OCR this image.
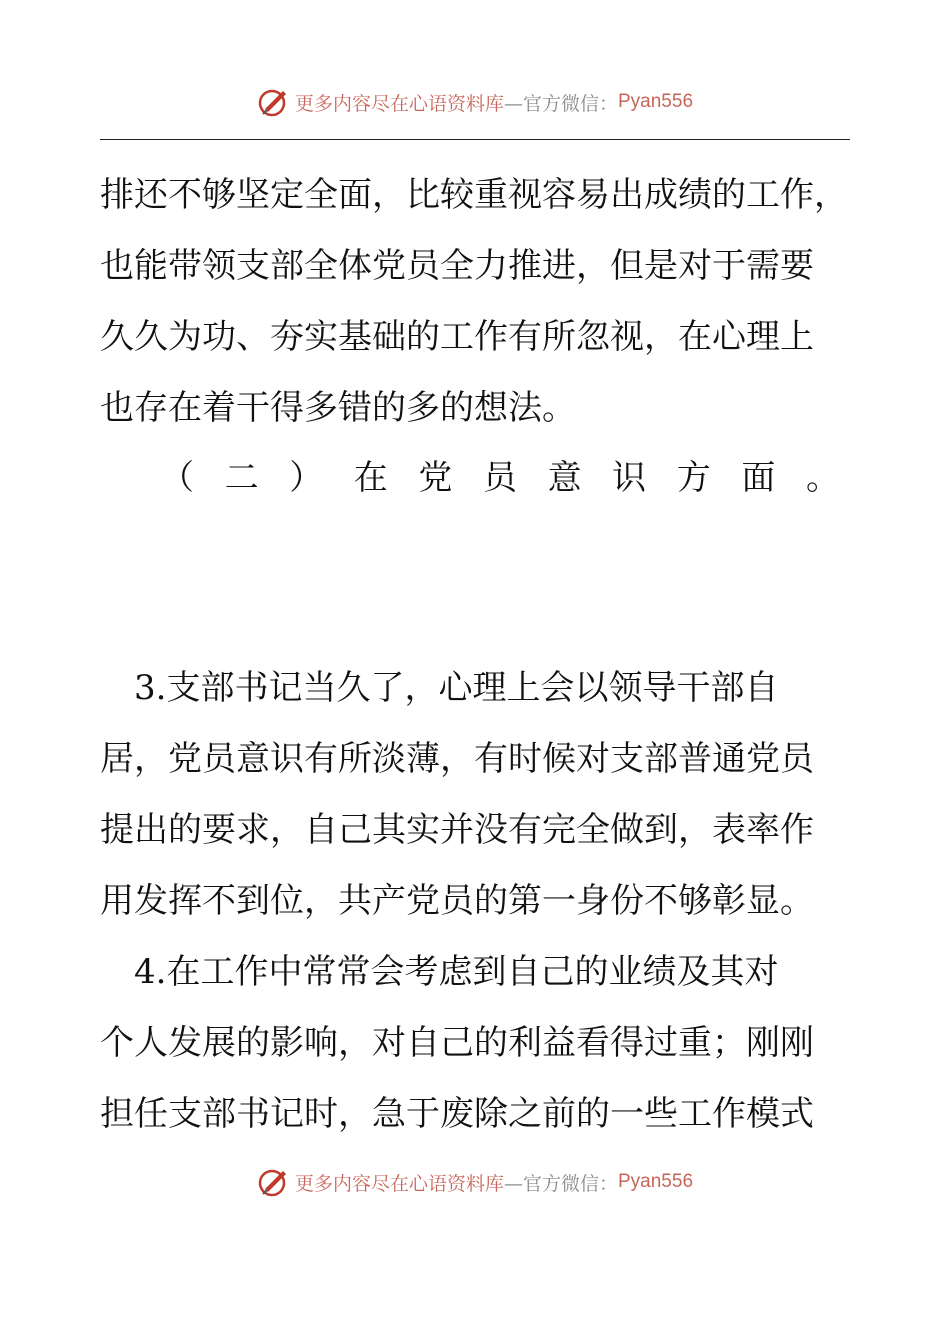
更多内容尽在心语资料库 —官方微信： Pyan556
排还不够坚定全面，比较重视容易出成绩的工作，
也能带领支部全体党员全力推进，但是对于需要
久久为功、夯实基础的工作有所忽视，在心理上
也存在着干得多错的多的想法。
（ 二 ） 在 党 员 意 识 方 面 。
　3.支部书记当久了，心理上会以领导干部自
居，党员意识有所淡薄，有时候对支部普通党员
提出的要求，自己其实并没有完全做到，表率作
用发挥不到位，共产党员的第一身份不够彰显。
　4.在工作中常常会考虑到自己的业绩及其对
个人发展的影响，对自己的利益看得过重；刚刚
担任支部书记时，急于废除之前的一些工作模式
更多内容尽在心语资料库 —官方微信： Pyan556
